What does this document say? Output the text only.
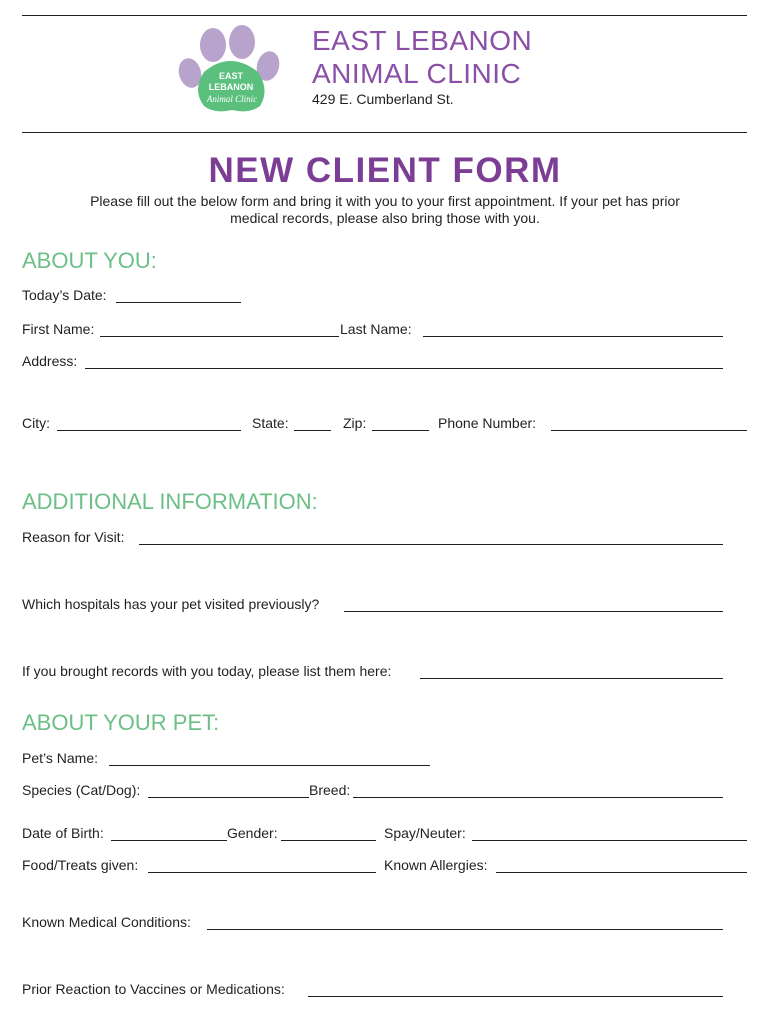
EAST
LEBANON
Animal Clinic
EAST LEBANON
ANIMAL CLINIC
429 E. Cumberland St.
NEW CLIENT FORM
Please fill out the below form and bring it with you to your first appointment. If your pet has prior
medical records, please also bring those with you.
ABOUT YOU:
Today’s Date:
First Name:	Last Name:
Address:
City:	State:	Zip:	Phone Number:
ADDITIONAL INFORMATION:
Reason for Visit:
Which hospitals has your pet visited previously?
If you brought records with you today, please list them here:
ABOUT YOUR PET:
Pet’s Name:
Species (Cat/Dog):	Breed:
Date of Birth:	Gender:	Spay/Neuter:
Food/Treats given:	Known Allergies:
Known Medical Conditions:
Prior Reaction to Vaccines or Medications:
